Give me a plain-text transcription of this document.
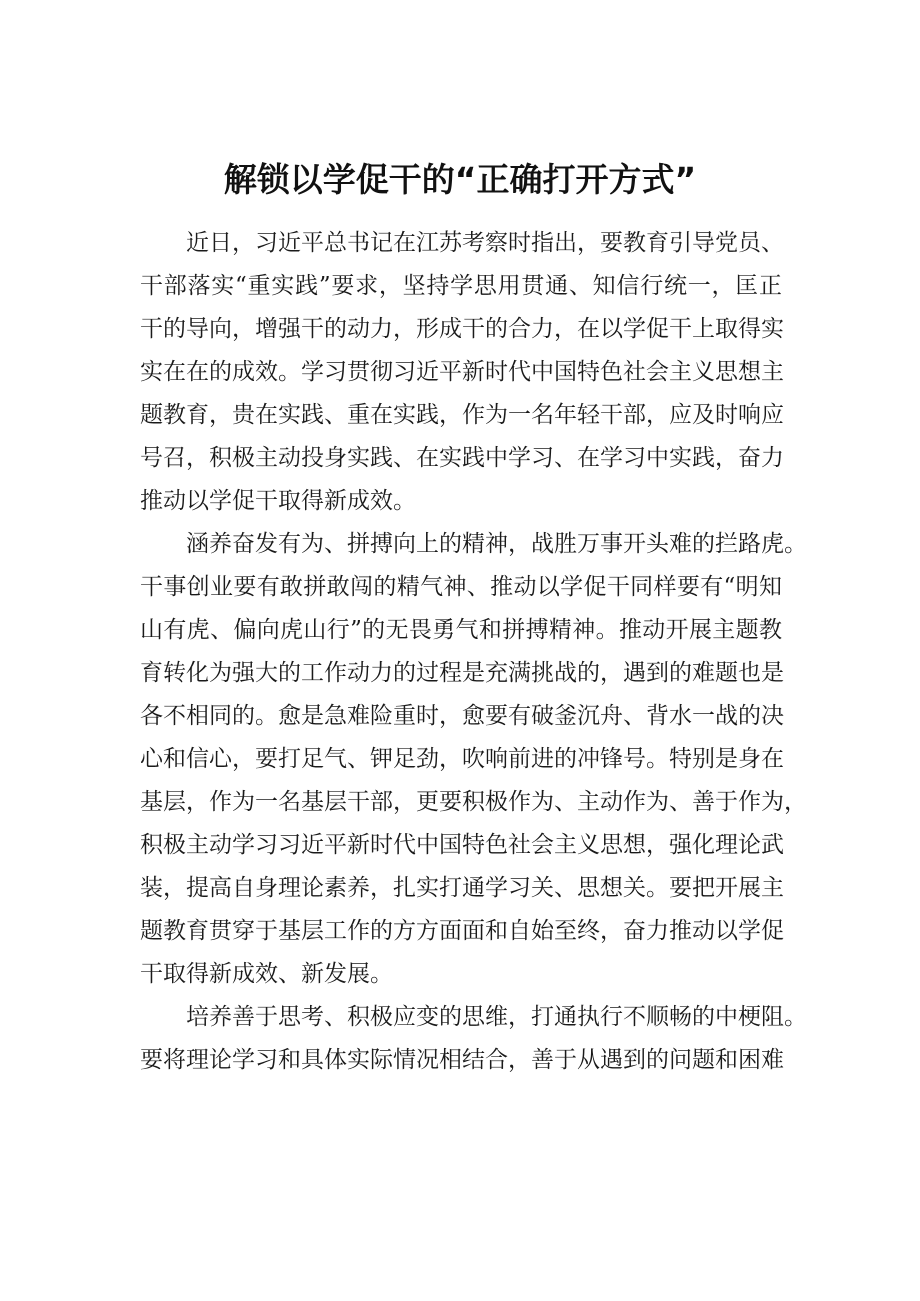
解锁以学促干的“正确打开方式”

近日，习近平总书记在江苏考察时指出，要教育引导党员、
干部落实“重实践”要求，坚持学思用贯通、知信行统一，匡正
干的导向，增强干的动力，形成干的合力，在以学促干上取得实
实在在的成效。学习贯彻习近平新时代中国特色社会主义思想主
题教育，贵在实践、重在实践，作为一名年轻干部，应及时响应
号召，积极主动投身实践、在实践中学习、在学习中实践，奋力
推动以学促干取得新成效。

涵养奋发有为、拼搏向上的精神，战胜万事开头难的拦路虎。
干事创业要有敢拼敢闯的精气神、推动以学促干同样要有“明知
山有虎、偏向虎山行”的无畏勇气和拼搏精神。推动开展主题教
育转化为强大的工作动力的过程是充满挑战的，遇到的难题也是
各不相同的。愈是急难险重时，愈要有破釜沉舟、背水一战的决
心和信心，要打足气、钾足劲，吹响前进的冲锋号。特别是身在
基层，作为一名基层干部，更要积极作为、主动作为、善于作为，
积极主动学习习近平新时代中国特色社会主义思想，强化理论武
装，提高自身理论素养，扎实打通学习关、思想关。要把开展主
题教育贯穿于基层工作的方方面面和自始至终，奋力推动以学促
干取得新成效、新发展。

培养善于思考、积极应变的思维，打通执行不顺畅的中梗阻。
要将理论学习和具体实际情况相结合，善于从遇到的问题和困难
